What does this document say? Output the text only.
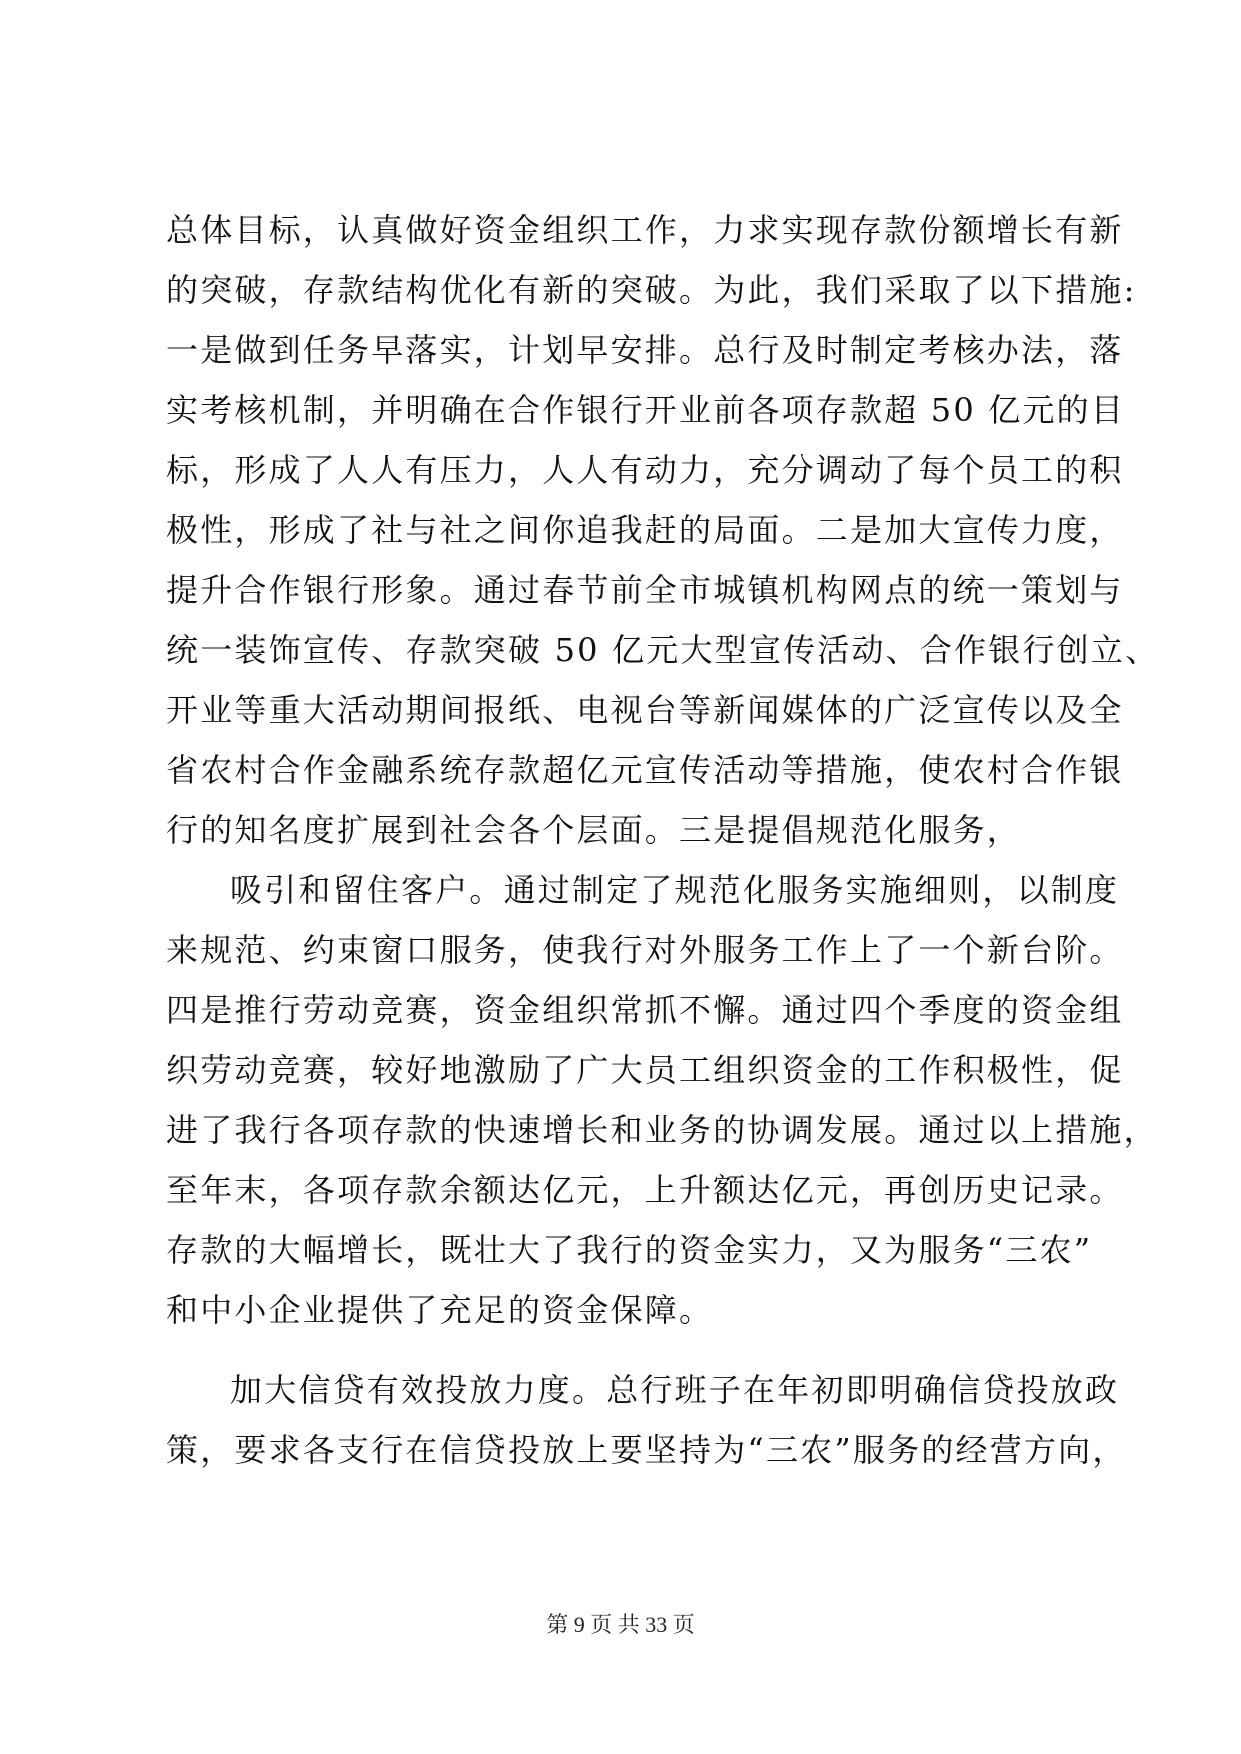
总体目标，认真做好资金组织工作，力求实现存款份额增长有新
的突破，存款结构优化有新的突破。为此，我们采取了以下措施:
一是做到任务早落实，计划早安排。总行及时制定考核办法，落
实考核机制，并明确在合作银行开业前各项存款超 50 亿元的目
标，形成了人人有压力，人人有动力，充分调动了每个员工的积
极性，形成了社与社之间你追我赶的局面。二是加大宣传力度，
提升合作银行形象。通过春节前全市城镇机构网点的统一策划与
统一装饰宣传、存款突破 50 亿元大型宣传活动、合作银行创立、
开业等重大活动期间报纸、电视台等新闻媒体的广泛宣传以及全
省农村合作金融系统存款超亿元宣传活动等措施，使农村合作银
行的知名度扩展到社会各个层面。三是提倡规范化服务，
吸引和留住客户。通过制定了规范化服务实施细则，以制度
来规范、约束窗口服务，使我行对外服务工作上了一个新台阶。
四是推行劳动竞赛，资金组织常抓不懈。通过四个季度的资金组
织劳动竞赛，较好地激励了广大员工组织资金的工作积极性，促
进了我行各项存款的快速增长和业务的协调发展。通过以上措施，
至年末，各项存款余额达亿元，上升额达亿元，再创历史记录。
存款的大幅增长，既壮大了我行的资金实力，又为服务“三农”
和中小企业提供了充足的资金保障。
加大信贷有效投放力度。总行班子在年初即明确信贷投放政
策，要求各支行在信贷投放上要坚持为“三农”服务的经营方向，
第 9 页 共 33 页
